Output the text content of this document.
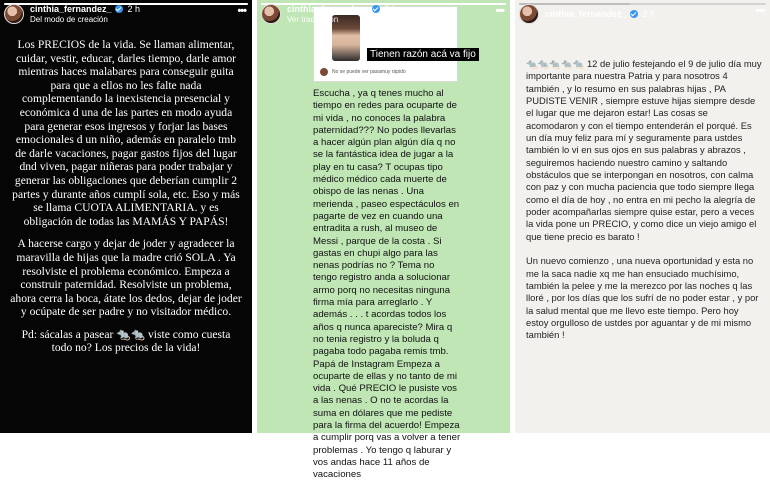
cinthia_fernandez_ 2 h
Del modo de creación
•••

Los PRECIOS de la vida. Se llaman alimentar, cuidar, vestir, educar, darles tiempo, darle amor mientras haces malabares para conseguir guita para que a ellos no les falte nada complementando la inexistencia presencial y económica d una de las partes en modo ayuda para generar esos ingresos y forjar las bases emocionales d un niño, además en paralelo tmb de darle vacaciones, pagar gastos fijos del lugar dnd viven, pagar niñeras para poder trabajar y generar las obligaciones que deberían cumplir 2 partes y durante años cumplí sola, etc. Eso y más se llama CUOTA ALIMENTARIA. y es obligación de todas las MAMÁS Y PAPÁS!

A hacerse cargo y dejar de joder y agradecer la maravilla de hijas que la madre crió SOLA . Ya resolviste el problema económico. Empeza a construir paternidad. Resolviste un problema, ahora cerra la boca, átate los dedos, dejar de joder y ocúpate de ser padre y no visitador médico.

Pd: sácalas a pasear 🐀🐀 viste como cuesta todo no? Los precios de la vida!

Tienen razón acá va fijo
No se puede ver pasamuy rápido
cinthia_fernandez_ 2 h
Ver traducción
•••
Escucha , ya q tenes mucho al tiempo en redes para ocuparte de mi vida , no conoces la palabra paternidad??? No podes llevarlas a hacer algún plan algún día q no se la fantástica idea de jugar a la play en tu casa? T ocupas tipo médico médico cada muerte de obispo de las nenas . Una merienda , paseo espectáculos en pagarte de vez en cuando una entradita a rush, al museo de Messi , parque de la costa . Si gastas en chupi algo para las nenas podrías no ? Tema no tengo registro anda a solucionar armo porq no necesitas ninguna firma mía para arreglarlo . Y además . . . t acordas todos los años q nunca apareciste? Mira q no tenia registro y la boluda q pagaba todo pagaba remis tmb. Papá de Instagram Empeza a ocuparte de ellas y no tanto de mi vida . Qué PRECIO le pusiste vos a las nenas . O no te acordas la suma en dólares que me pediste para la firma del acuerdo! Empeza a cumplir porq vas a volver a tener problemas . Yo tengo q laburar y vos andas hace 11 años de vacaciones
cinthia_fernandez_ 2 h	•••

🐀🐀🐀🐀🐀 12 de julio festejando el 9 de julio día muy importante para nuestra Patria y para nosotros 4 también , y lo resumo en sus palabras hijas , PA PUDISTE VENIR , siempre estuve hijas siempre desde el lugar que me dejaron estar! Las cosas se acomodaron y con el tiempo entenderán el porqué. Es un día muy feliz para mí y seguramente para ustdes también lo vi en sus ojos en sus palabras y abrazos , seguiremos haciendo nuestro camino y saltando obstáculos que se interpongan en nosotros, con calma con paz y con mucha paciencia que todo siempre llega como el día de hoy , no entra en mi pecho la alegría de poder acompañarlas siempre quise estar, pero a veces la vida pone un PRECIO, y como dice un viejo amigo el que tiene precio es barato !

Un nuevo comienzo , una nueva oportunidad y esta no me la saca nadie xq me han ensuciado muchísimo, también la pelee y me la merezco por las noches q las lloré , por los días que los sufrí de no poder estar , y por la salud mental que me llevo este tiempo. Pero hoy estoy orgulloso de ustdes por aguantar y de mi mismo también !
